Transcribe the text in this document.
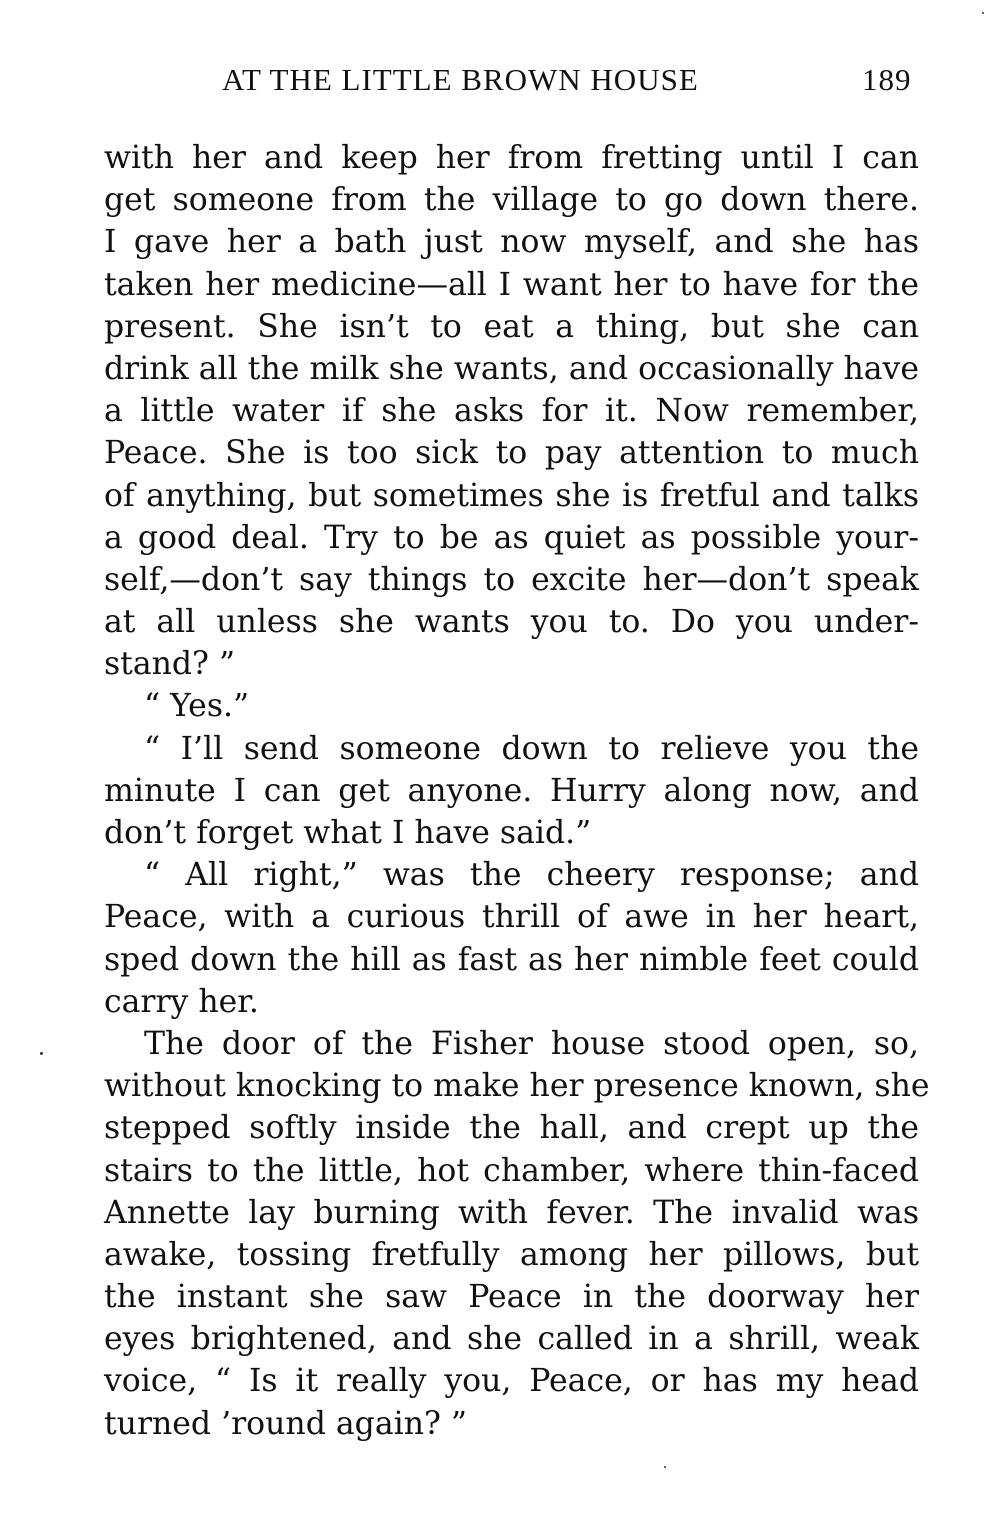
AT THE LITTLE BROWN HOUSE	189
with her and keep her from fretting until I can
get someone from the village to go down there.
I gave her a bath just now myself, and she has
taken her medicine—all I want her to have for the
present. She isn’t to eat a thing, but she can
drink all the milk she wants, and occasionally have
a little water if she asks for it. Now remember,
Peace. She is too sick to pay attention to much
of anything, but sometimes she is fretful and talks
a good deal. Try to be as quiet as possible your-
self,—don’t say things to excite her—don’t speak
at all unless she wants you to. Do you under-
stand? ”
“ Yes.”
“ I’ll send someone down to relieve you the
minute I can get anyone. Hurry along now, and
don’t forget what I have said.”
“ All right,” was the cheery response; and
Peace, with a curious thrill of awe in her heart,
sped down the hill as fast as her nimble feet could
carry her.
The door of the Fisher house stood open, so,
without knocking to make her presence known, she
stepped softly inside the hall, and crept up the
stairs to the little, hot chamber, where thin-faced
Annette lay burning with fever. The invalid was
awake, tossing fretfully among her pillows, but
the instant she saw Peace in the doorway her
eyes brightened, and she called in a shrill, weak
voice, “ Is it really you, Peace, or has my head
turned ’round again? ”
